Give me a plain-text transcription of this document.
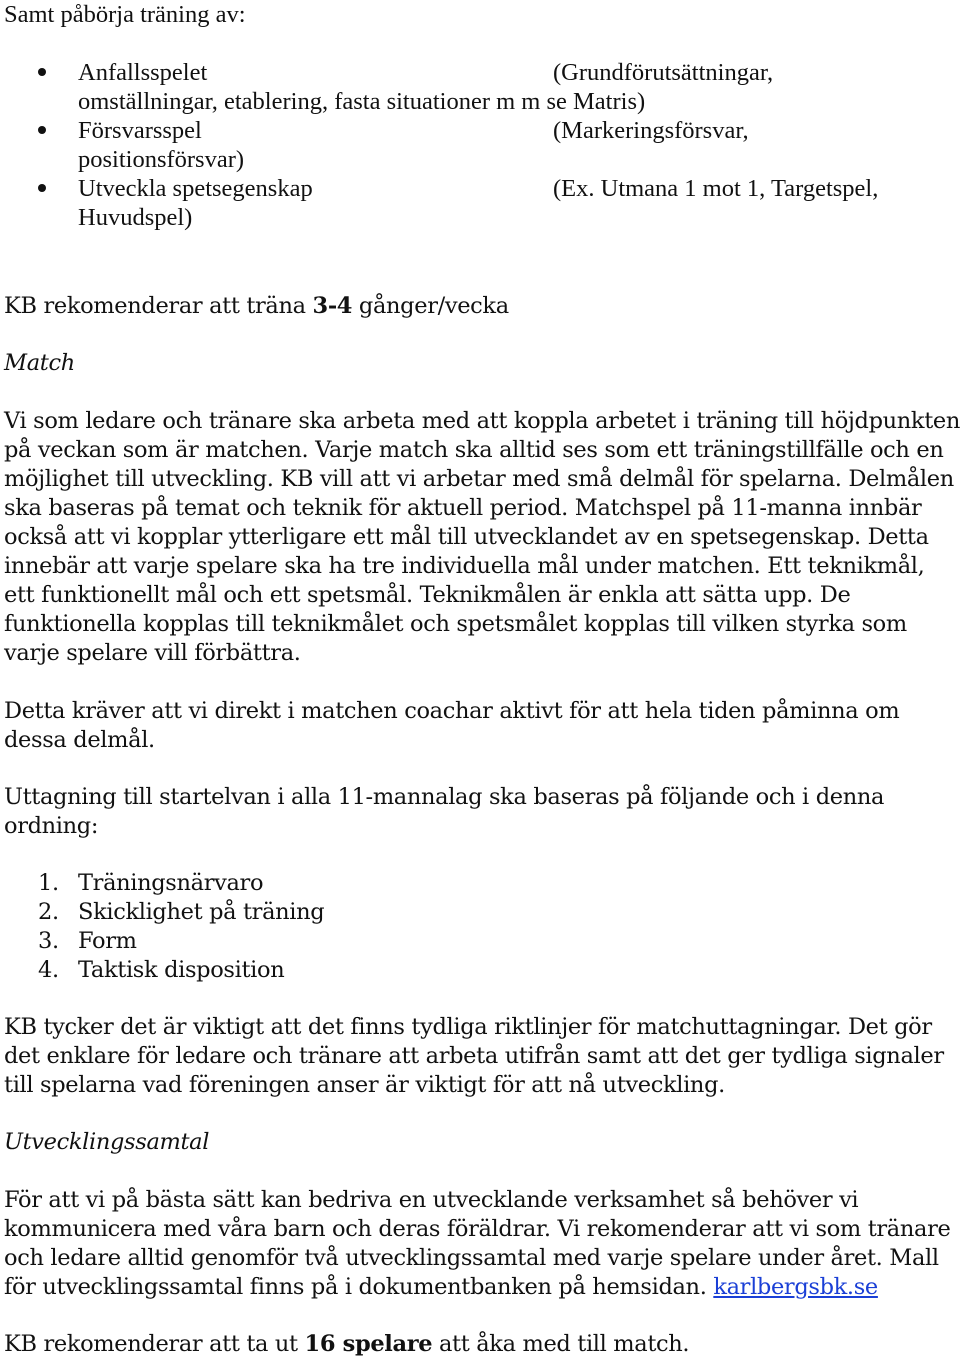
Samt påbörja träning av:
Anfallsspelet	(Grundförutsättningar,
omställningar, etablering, fasta situationer m m se Matris)
Försvarsspel	(Markeringsförsvar,
positionsförsvar)
Utveckla spetsegenskap	(Ex. Utmana 1 mot 1, Targetspel,
Huvudspel)
KB rekomenderar att träna 3-4 gånger/vecka
Match
Vi som ledare och tränare ska arbeta med att koppla arbetet i träning till höjdpunkten
på veckan som är matchen. Varje match ska alltid ses som ett träningstillfälle och en
möjlighet till utveckling. KB vill att vi arbetar med små delmål för spelarna. Delmålen
ska baseras på temat och teknik för aktuell period. Matchspel på 11-manna innbär
också att vi kopplar ytterligare ett mål till utvecklandet av en spetsegenskap. Detta
innebär att varje spelare ska ha tre individuella mål under matchen. Ett teknikmål,
ett funktionellt mål och ett spetsmål. Teknikmålen är enkla att sätta upp. De
funktionella kopplas till teknikmålet och spetsmålet kopplas till vilken styrka som
varje spelare vill förbättra.
Detta kräver att vi direkt i matchen coachar aktivt för att hela tiden påminna om
dessa delmål.
Uttagning till startelvan i alla 11-mannalag ska baseras på följande och i denna
ordning:
1. Träningsnärvaro
2. Skicklighet på träning
3. Form
4. Taktisk disposition
KB tycker det är viktigt att det finns tydliga riktlinjer för matchuttagningar. Det gör
det enklare för ledare och tränare att arbeta utifrån samt att det ger tydliga signaler
till spelarna vad föreningen anser är viktigt för att nå utveckling.
Utvecklingssamtal
För att vi på bästa sätt kan bedriva en utvecklande verksamhet så behöver vi
kommunicera med våra barn och deras föräldrar. Vi rekomenderar att vi som tränare
och ledare alltid genomför två utvecklingssamtal med varje spelare under året. Mall
för utvecklingssamtal finns på i dokumentbanken på hemsidan. karlbergsbk.se
KB rekomenderar att ta ut 16 spelare att åka med till match.
